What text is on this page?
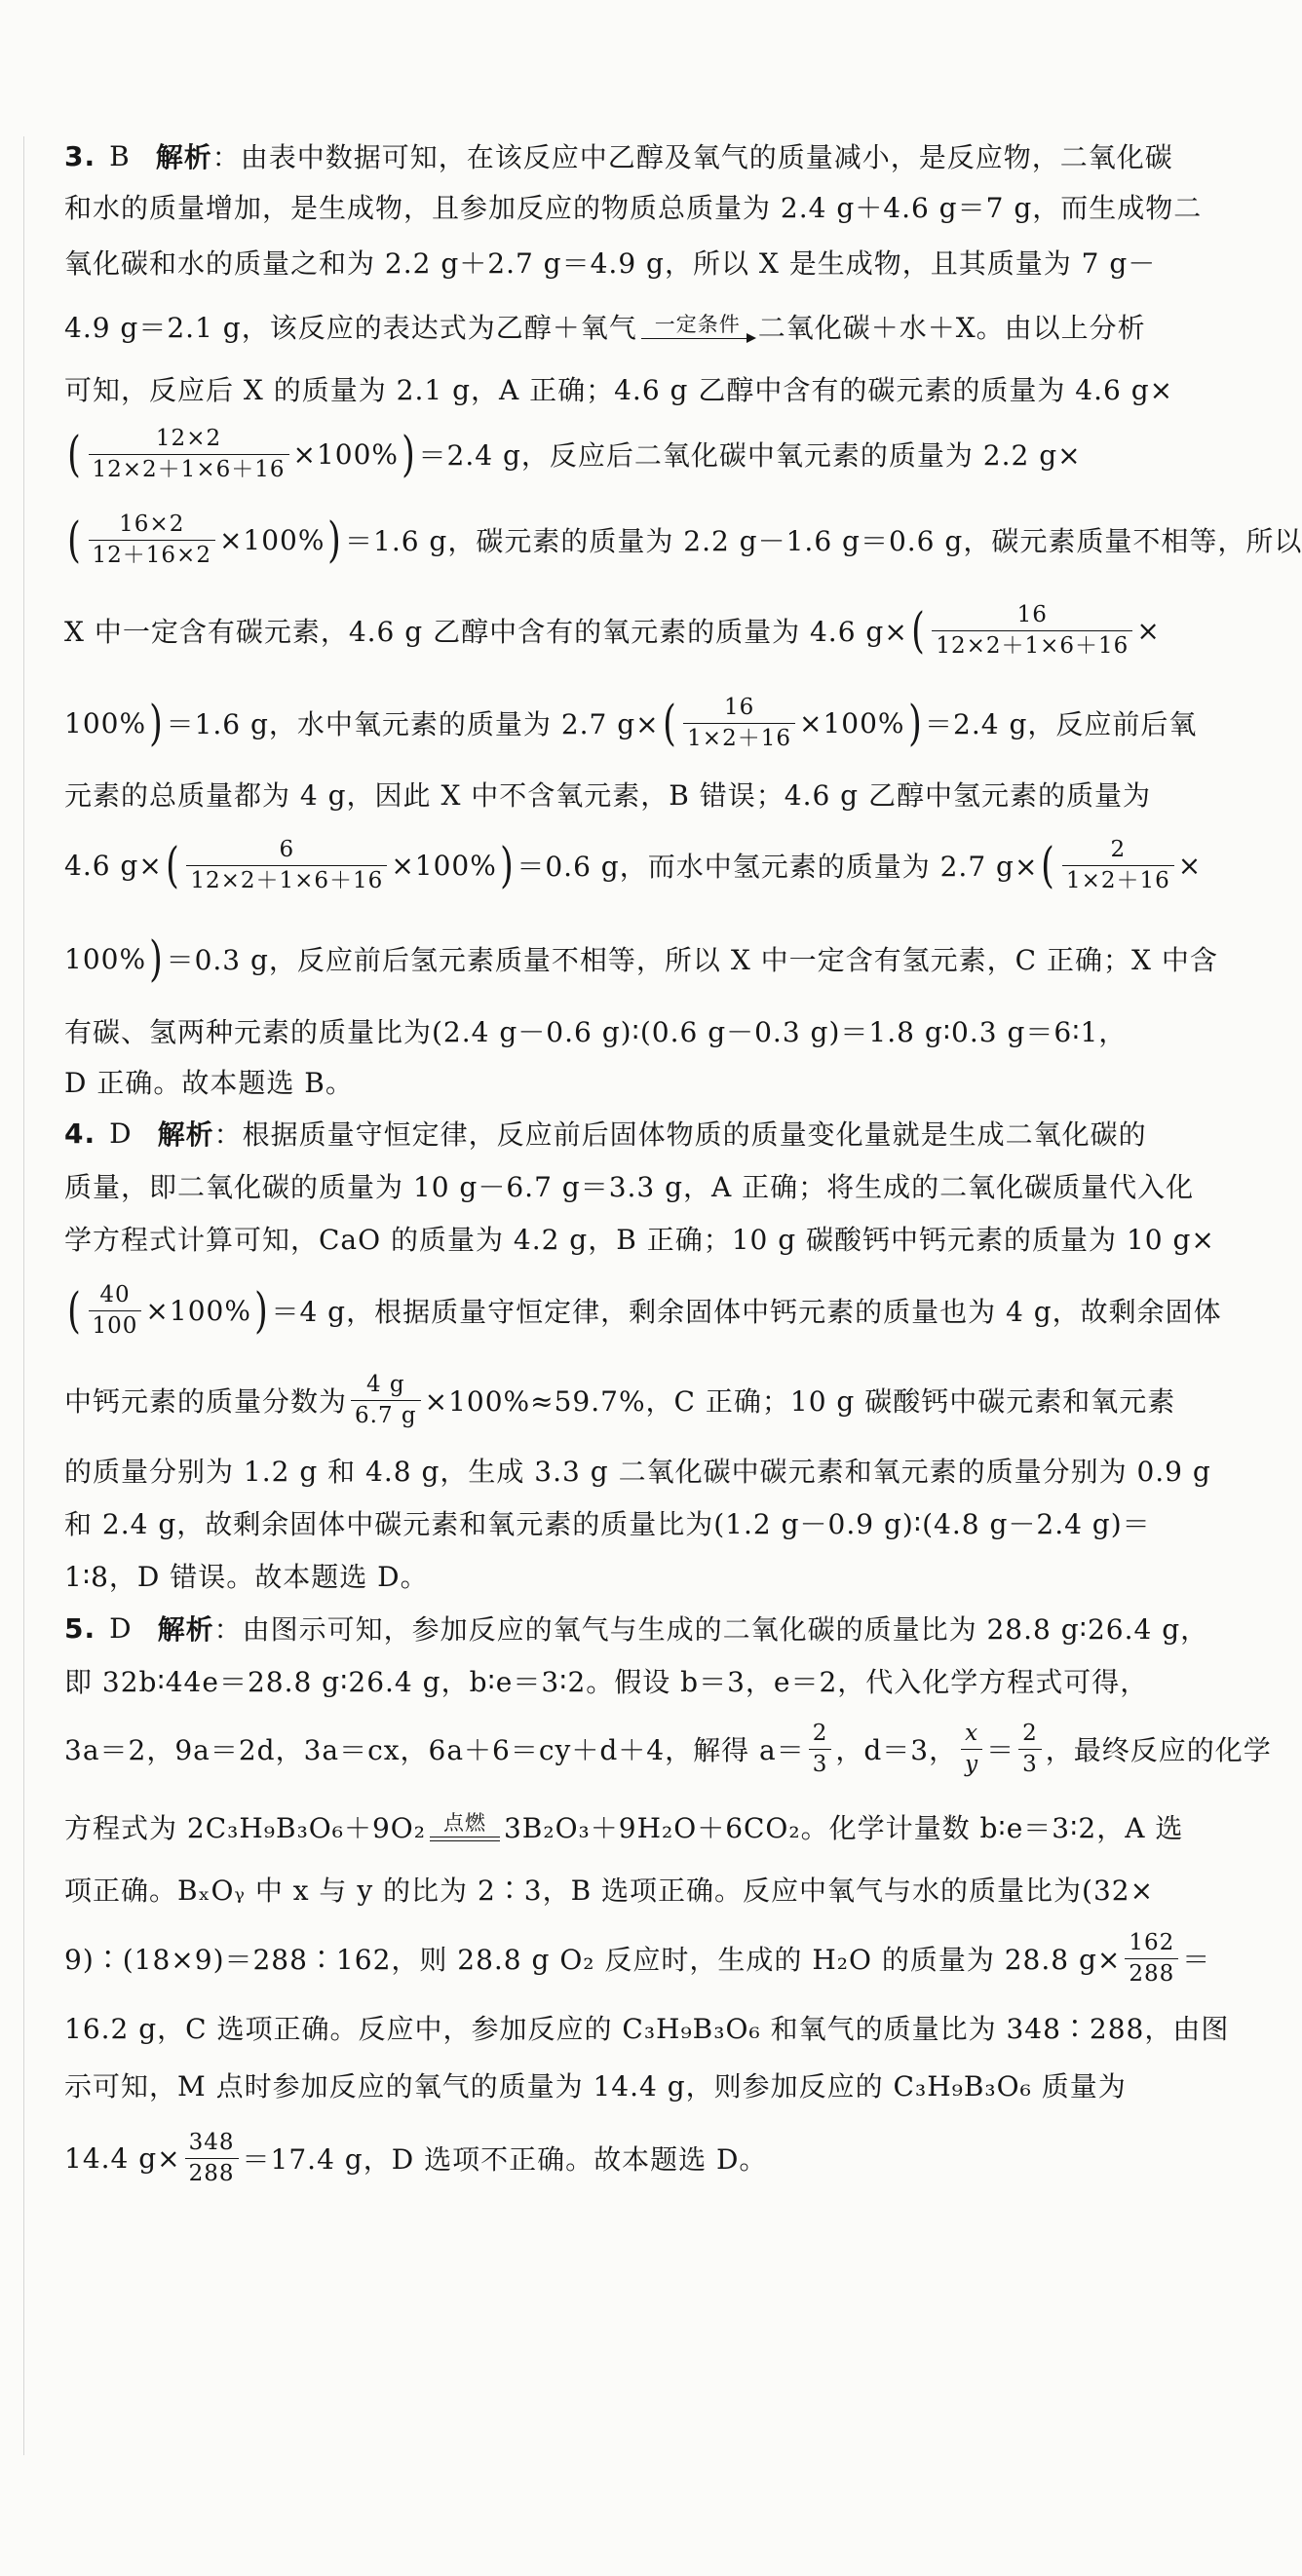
3. B 解析 ：由表中数据可知，在该反应中乙醇及氧气的质量减小，是反应物，二氧化碳
和水的质量增加，是生成物，且参加反应的物质总质量为 2.4 g＋4.6 g＝7 g，而生成物二
氧化碳和水的质量之和为 2.2 g＋2.7 g＝4.9 g，所以 X 是生成物，且其质量为 7 g－
4.9 g＝2.1 g，该反应的表达式为乙醇＋氧气 一定条件 二氧化碳＋水＋X。由以上分析
可知，反应后 X 的质量为 2.1 g，A 正确；4.6 g 乙醇中含有的碳元素的质量为 4.6 g×
( $\frac{12\times 2}{12\times 2+1\times 6+16} \times 100\%$ ) ＝2.4 g，反应后二氧化碳中氧元素的质量为 2.2 g×
( $\frac{16\times 2}{12+16\times 2} \times 100\%$ ) ＝1.6 g，碳元素的质量为 2.2 g－1.6 g＝0.6 g，碳元素质量不相等，所以
X 中一定含有碳元素，4.6 g 乙醇中含有的氧元素的质量为 4.6 g× ( $\frac{16}{12\times 2+1\times 6+16}$ ×
100% ) ＝1.6 g，水中氧元素的质量为 2.7 g× ( $\frac{16}{1\times 2+16} \times 100\%$ ) ＝2.4 g，反应前后氧
元素的总质量都为 4 g，因此 X 中不含氧元素，B 错误；4.6 g 乙醇中氢元素的质量为
4.6 g× ( $\frac{6}{12\times 2+1\times 6+16} \times 100\%$ ) ＝0.6 g，而水中氢元素的质量为 2.7 g× ( $\frac{2}{1\times 2+16}$ ×
100% ) ＝0.3 g，反应前后氢元素质量不相等，所以 X 中一定含有氢元素，C 正确；X 中含
有碳、氢两种元素的质量比为(2.4 g－0.6 g)∶(0.6 g－0.3 g)＝1.8 g∶0.3 g＝6∶1，
D 正确。故本题选 B。
4. D 解析 ：根据质量守恒定律，反应前后固体物质的质量变化量就是生成二氧化碳的
质量，即二氧化碳的质量为 10 g－6.7 g＝3.3 g，A 正确；将生成的二氧化碳质量代入化
学方程式计算可知，CaO 的质量为 4.2 g，B 正确；10 g 碳酸钙中钙元素的质量为 10 g×
( $\frac{40}{100} \times 100\%$ ) ＝4 g，根据质量守恒定律，剩余固体中钙元素的质量也为 4 g，故剩余固体
中钙元素的质量分数为 $\frac{4 g}{6.7 g} \times 100\%\approx 59.7\%$，C 正确；10 g 碳酸钙中碳元素和氧元素
的质量分别为 1.2 g 和 4.8 g，生成 3.3 g 二氧化碳中碳元素和氧元素的质量分别为 0.9 g
和 2.4 g，故剩余固体中碳元素和氧元素的质量比为(1.2 g－0.9 g)∶(4.8 g－2.4 g)＝
1∶8，D 错误。故本题选 D。
5. D 解析 ：由图示可知，参加反应的氧气与生成的二氧化碳的质量比为 28.8 g∶26.4 g，
即 32b∶44e＝28.8 g∶26.4 g，b∶e＝3∶2。假设 b＝3，e＝2，代入化学方程式可得，
3a＝2，9a＝2d，3a＝cx，6a＋6＝cy＋d＋4，解得 $a= \frac{2}{3}$ ，d＝3， $\frac{x}{y} = \frac{2}{3}$ ，最终反应的化学
方程式为 2C₃H₉B₃O₆＋9O₂ 点燃 3B₂O₃＋9H₂O＋6CO₂。化学计量数 b∶e＝3∶2，A 选
项正确。BₓOᵧ 中 x 与 y 的比为 2∶3，B 选项正确。反应中氧气与水的质量比为(32×
9)∶(18×9)＝288∶162，则 28.8 g O₂ 反应时，生成的 H₂O 的质量为 28.8 $g\times \frac{162}{288}$ ＝
16.2 g，C 选项正确。反应中，参加反应的 C₃H₉B₃O₆ 和氧气的质量比为 348∶288，由图
示可知，M 点时参加反应的氧气的质量为 14.4 g，则参加反应的 C₃H₉B₃O₆ 质量为
14.4 $g\times \frac{348}{288} =17.4$ g，D 选项不正确。故本题选 D。
